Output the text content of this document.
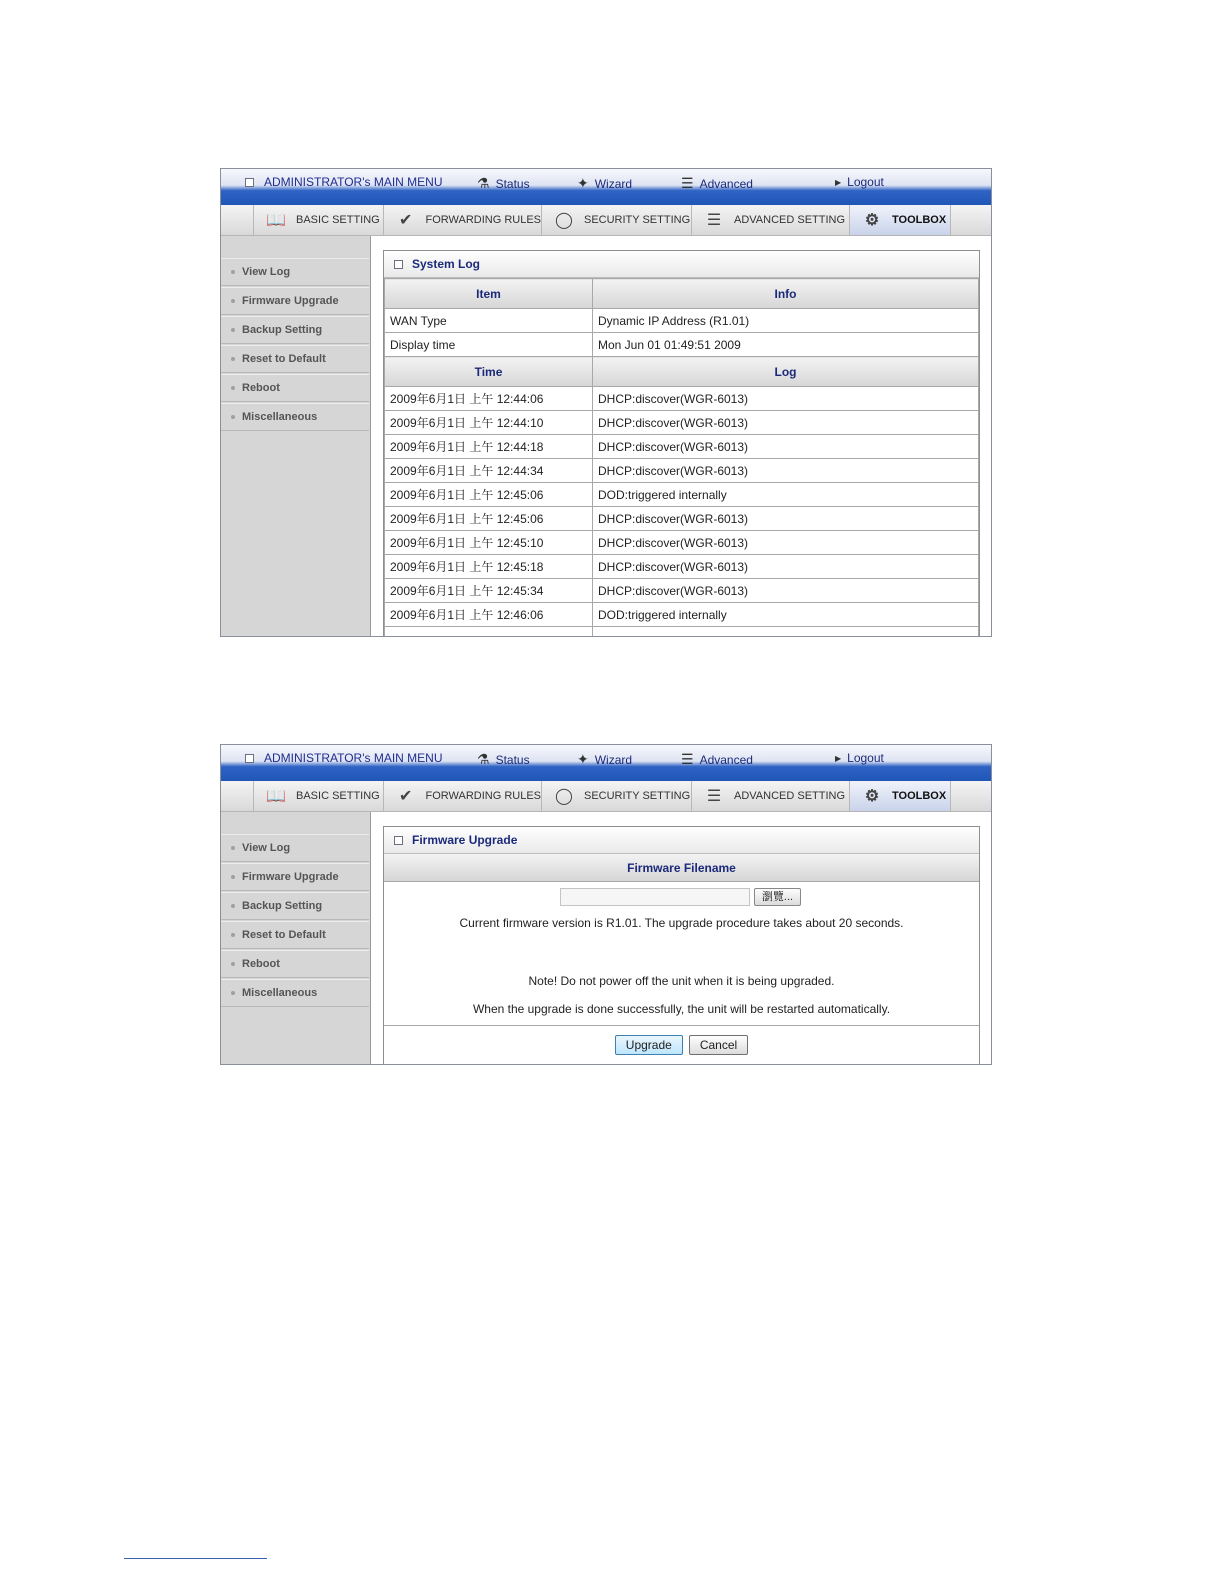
ADMINISTRATOR's MAIN MENU ⚗ Status	✦ Wizard	☰ Advanced	▶ Logout
📖 BASIC SETTING	✔	FORWARDING RULES ◯	SECURITY SETTING	☰	ADVANCED SETTING	⚙	TOOLBOX
View Log
Firmware Upgrade
Backup Setting
Reset to Default
Reboot
Miscellaneous
System Log
Item	Info
WAN Type	Dynamic IP Address (R1.01)
Display time	Mon Jun 01 01:49:51 2009
Time	Log
2009年6月1日 上午 12:44:06	DHCP:discover(WGR-6013)
2009年6月1日 上午 12:44:10	DHCP:discover(WGR-6013)
2009年6月1日 上午 12:44:18	DHCP:discover(WGR-6013)
2009年6月1日 上午 12:44:34	DHCP:discover(WGR-6013)
2009年6月1日 上午 12:45:06	DOD:triggered internally
2009年6月1日 上午 12:45:06	DHCP:discover(WGR-6013)
2009年6月1日 上午 12:45:10	DHCP:discover(WGR-6013)
2009年6月1日 上午 12:45:18	DHCP:discover(WGR-6013)
2009年6月1日 上午 12:45:34	DHCP:discover(WGR-6013)
2009年6月1日 上午 12:46:06	DOD:triggered internally

ADMINISTRATOR's MAIN MENU ⚗ Status	✦ Wizard	☰ Advanced	▶ Logout
📖 BASIC SETTING	✔	FORWARDING RULES ◯	SECURITY SETTING	☰	ADVANCED SETTING	⚙	TOOLBOX
View Log
Firmware Upgrade
Backup Setting
Reset to Default
Reboot
Miscellaneous
Firmware Upgrade
Firmware Filename
瀏覽...
Current firmware version is R1.01. The upgrade procedure takes about 20 seconds.
Note! Do not power off the unit when it is being upgraded.
When the upgrade is done successfully, the unit will be restarted automatically.
Upgrade	Cancel
